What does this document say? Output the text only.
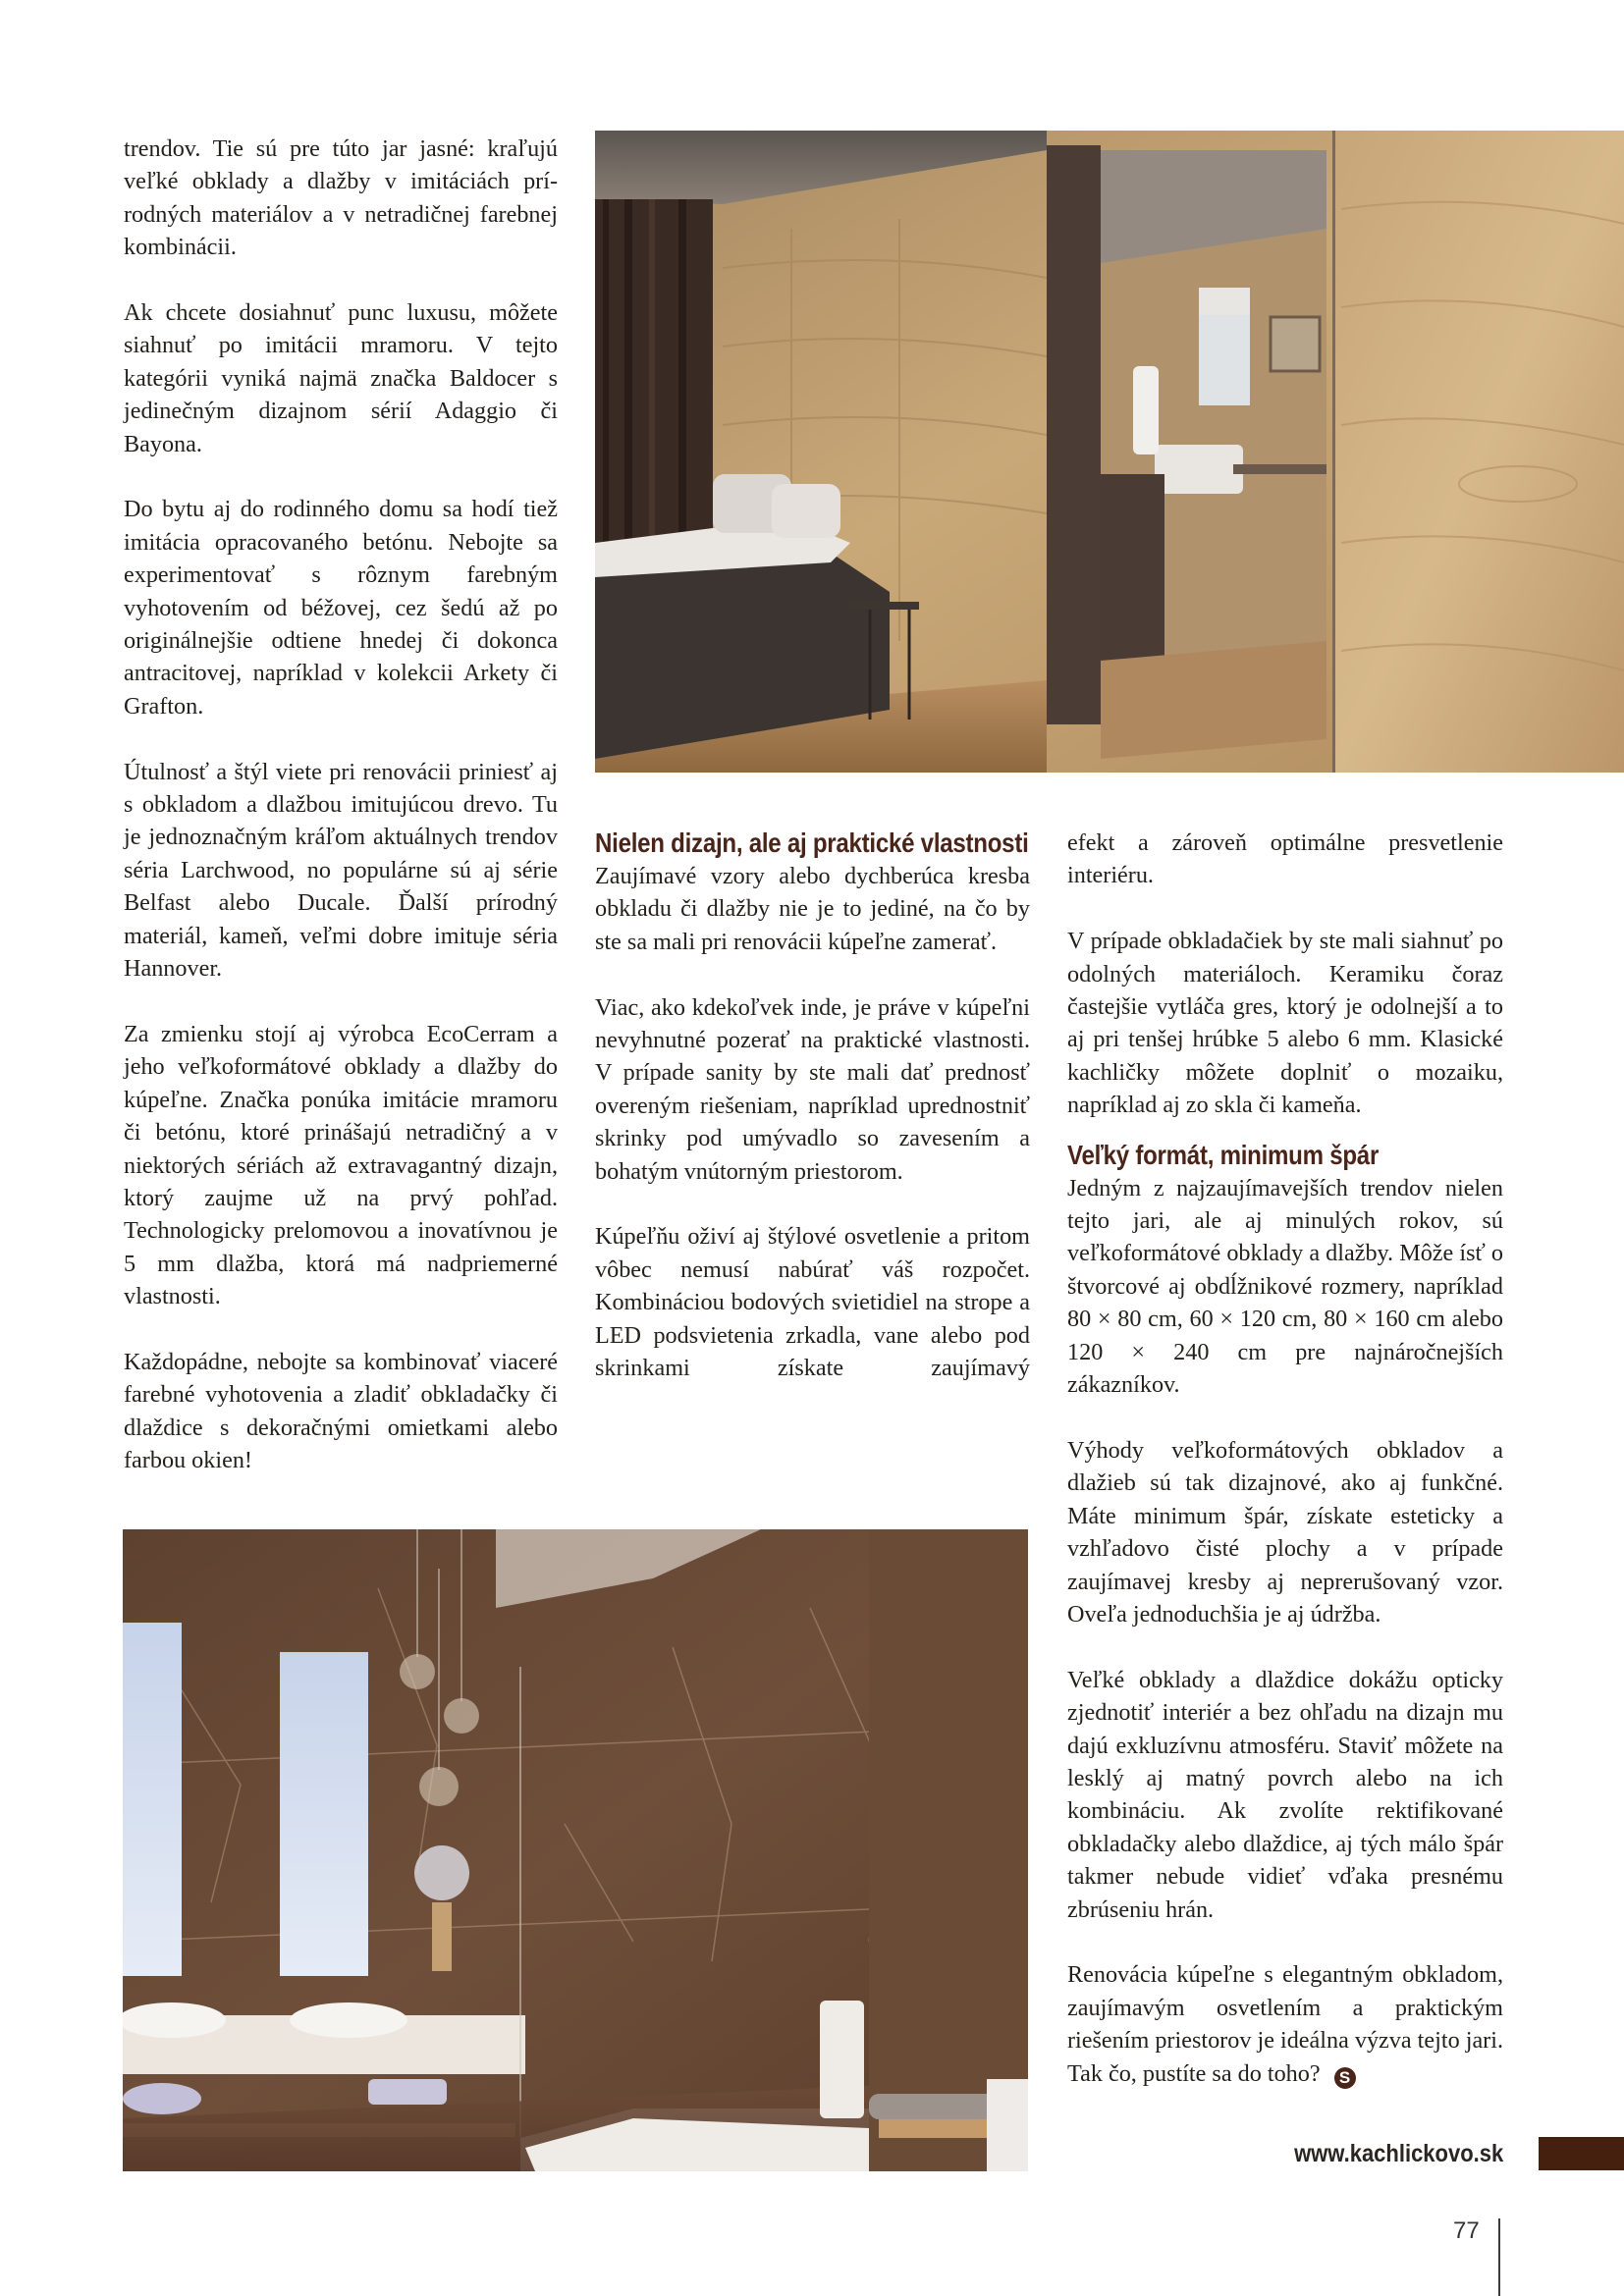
trendov. Tie sú pre túto jar jasné: kraľujú veľké obklady a dlažby v imitáciách prírodných materiálov a v netradičnej farebnej kombinácii.

Ak chcete dosiahnuť punc luxusu, môžete siahnuť po imitácii mramoru. V tejto kategórii vyniká najmä značka Baldocer s jedinečným dizajnom sérií Adaggio či Bayona.

Do bytu aj do rodinného domu sa hodí tiež imitácia opracovaného betónu. Nebojte sa experimentovať s rôznym farebným vyhotovením od béžovej, cez šedú až po originálnejšie odtiene hnedej či dokonca antracitovej, napríklad v kolekcii Arkety či Grafton.

Útulnosť a štýl viete pri renovácii priniesť aj s obkladom a dlažbou imitujúcou drevo. Tu je jednoznačným kráľom aktuálnych trendov séria Larchwood, no populárne sú aj série Belfast alebo Ducale. Ďalší prírodný materiál, kameň, veľmi dobre imituje séria Hannover.

Za zmienku stojí aj výrobca EcoCerram a jeho veľkoformátové obklady a dlažby do kúpeľne. Značka ponúka imitácie mramoru či betónu, ktoré prinášajú netradičný a v niektorých sériách až extravagantný dizajn, ktorý zaujme už na prvý pohľad. Technologicky prelomovou a inovatívnou je 5 mm dlažba, ktorá má nadpriemerné vlastnosti.

Každopádne, nebojte sa kombinovať viaceré farebné vyhotovenia a zladiť obkladačky či dlaždice s dekoračnými omietkami alebo farbou okien!

Nielen dizajn, ale aj praktické vlastnosti

Zaujímavé vzory alebo dychberúca kresba obkladu či dlažby nie je to jediné, na čo by ste sa mali pri renovácii kúpeľne zamerať.

Viac, ako kdekoľvek inde, je práve v kúpeľni nevyhnutné pozerať na praktické vlastnosti. V prípade sanity by ste mali dať prednosť overeným riešeniam, napríklad uprednostniť skrinky pod umývadlo so zavesením a bohatým vnútorným priestorom.

Kúpeľňu oživí aj štýlové osvetlenie a pritom vôbec nemusí nabúrať váš rozpočet. Kombináciou bodových svietidiel na strope a LED podsvietenia zrkadla, vane alebo pod skrinkami získate zaujímavý

efekt a zároveň optimálne presvetlenie interiéru.

V prípade obkladačiek by ste mali siahnuť po odolných materiáloch. Keramiku čoraz častejšie vytláča gres, ktorý je odolnejší a to aj pri tenšej hrúbke 5 alebo 6 mm. Klasické kachličky môžete doplniť o mozaiku, napríklad aj zo skla či kameňa.

Veľký formát, minimum špár

Jedným z najzaujímavejších trendov nielen tejto jari, ale aj minulých rokov, sú veľkoformátové obklady a dlažby. Môže ísť o štvorcové aj obdĺžnikové rozmery, napríklad 80 × 80 cm, 60 × 120 cm, 80 × 160 cm alebo 120 × 240 cm pre najnáročnejších zákazníkov.

Výhody veľkoformátových obkladov a dlažieb sú tak dizajnové, ako aj funkčné. Máte minimum špár, získate esteticky a vzhľadovo čisté plochy a v prípade zaujímavej kresby aj neprerušovaný vzor. Oveľa jednoduchšia je aj údržba.

Veľké obklady a dlaždice dokážu opticky zjednotiť interiér a bez ohľadu na dizajn mu dajú exkluzívnu atmosféru. Staviť môžete na lesklý aj matný povrch alebo na ich kombináciu. Ak zvolíte rektifikované obkladačky alebo dlaždice, aj tých málo špár takmer nebude vidieť vďaka presnému zbrúseniu hrán.

Renovácia kúpeľne s elegantným obkladom, zaujímavým osvetlením a praktickým riešením priestorov je ideálna výzva tejto jari. Tak čo, pustíte sa do toho? S

www.kachlickovo.sk
77
